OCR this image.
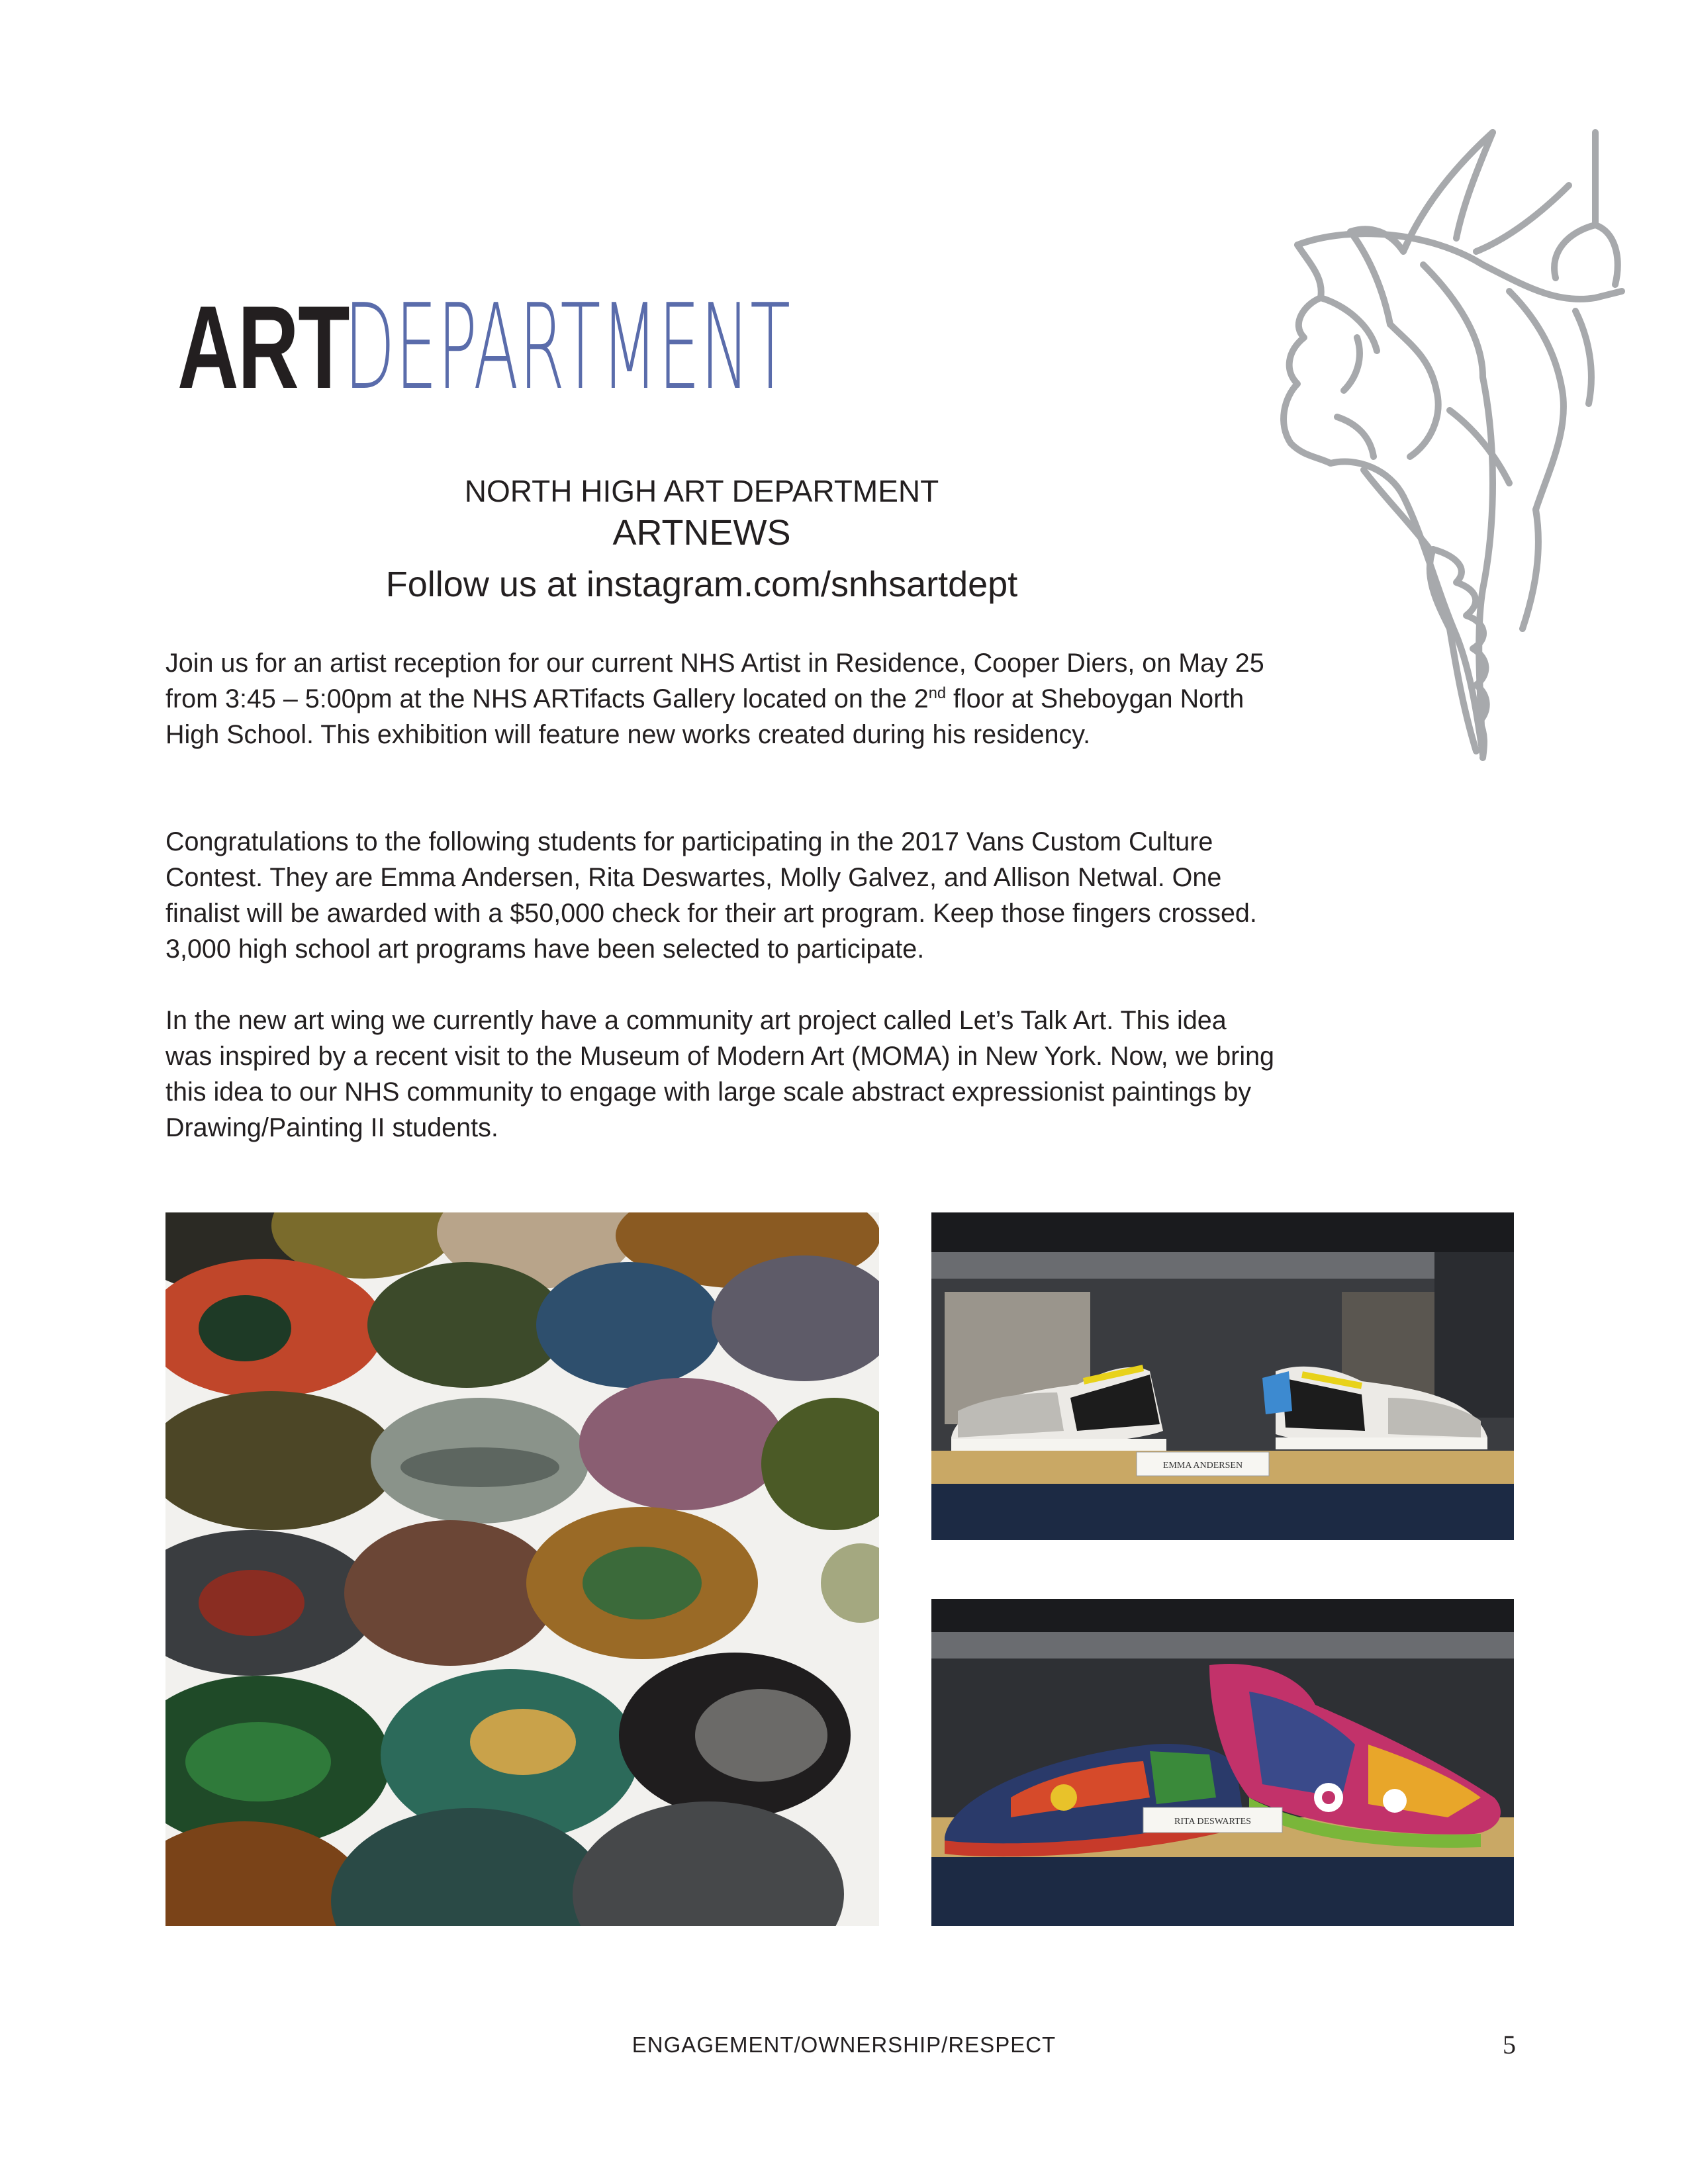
ART
DEPARTMENT
NORTH HIGH ART DEPARTMENT
ARTNEWS
Follow us at instagram.com/snhsartdept

Join us for an artist reception for our current NHS Artist in Residence, Cooper Diers, on May 25 from 3:45 – 5:00pm at the NHS ARTifacts Gallery located on the 2nd floor at Sheboygan North High School. This exhibition will feature new works created during his residency.

Congratulations to the following students for participating in the 2017 Vans Custom Culture Contest. They are Emma Andersen, Rita Deswartes, Molly Galvez, and Allison Netwal. One finalist will be awarded with a $50,000 check for their art program. Keep those fingers crossed. 3,000 high school art programs have been selected to participate.

In the new art wing we currently have a community art project called Let’s Talk Art. This idea was inspired by a recent visit to the Museum of Modern Art (MOMA) in New York. Now, we bring this idea to our NHS community to engage with large scale abstract expressionist paintings by Drawing/Painting II students.

EMMA ANDERSEN
RITA DESWARTES
ENGAGEMENT/OWNERSHIP/RESPECT	5
